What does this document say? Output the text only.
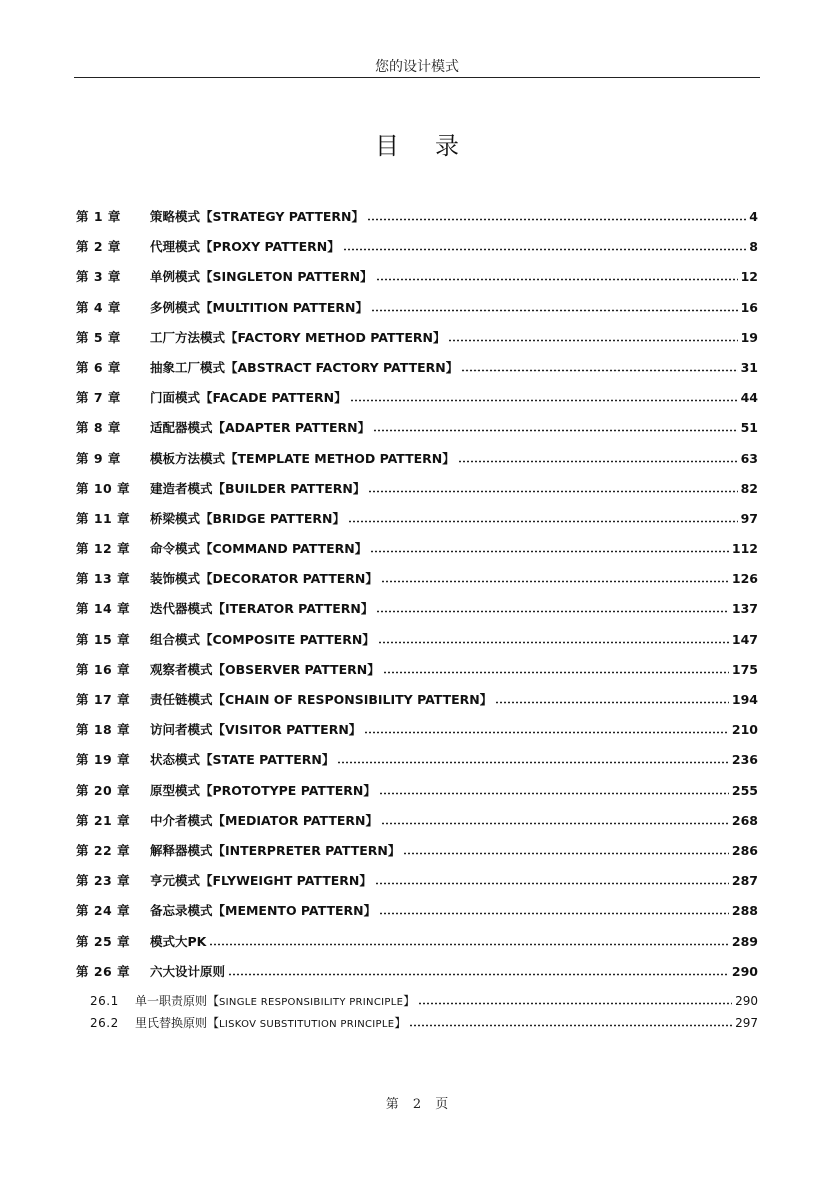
您的设计模式
目录
第 1 章	策略模式【STRATEGY PATTERN】	4
第 2 章	代理模式【PROXY PATTERN】	8
第 3 章	单例模式【SINGLETON PATTERN】	12
第 4 章	多例模式【MULTITION PATTERN】	16
第 5 章	工厂方法模式【FACTORY METHOD PATTERN】	19
第 6 章	抽象工厂模式【ABSTRACT FACTORY PATTERN】	31
第 7 章	门面模式【FACADE PATTERN】	44
第 8 章	适配器模式【ADAPTER PATTERN】	51
第 9 章	模板方法模式【TEMPLATE METHOD PATTERN】	63
第 10 章	建造者模式【BUILDER PATTERN】	82
第 11 章	桥梁模式【BRIDGE PATTERN】	97
第 12 章	命令模式【COMMAND PATTERN】	112
第 13 章	装饰模式【DECORATOR PATTERN】	126
第 14 章	迭代器模式【ITERATOR PATTERN】	137
第 15 章	组合模式【COMPOSITE PATTERN】	147
第 16 章	观察者模式【OBSERVER PATTERN】	175
第 17 章	责任链模式【CHAIN OF RESPONSIBILITY PATTERN】	194
第 18 章	访问者模式【VISITOR PATTERN】	210
第 19 章	状态模式【STATE PATTERN】	236
第 20 章	原型模式【PROTOTYPE PATTERN】	255
第 21 章	中介者模式【MEDIATOR PATTERN】	268
第 22 章	解释器模式【INTERPRETER PATTERN】	286
第 23 章	亨元模式【FLYWEIGHT PATTERN】	287
第 24 章	备忘录模式【MEMENTO PATTERN】	288
第 25 章	模式大PK	289
第 26 章	六大设计原则	290
26.1	单一职责原则【SINGLE RESPONSIBILITY PRINCIPLE】	290
26.2	里氏替换原则【LISKOV SUBSTITUTION PRINCIPLE】	297
第 2 页
